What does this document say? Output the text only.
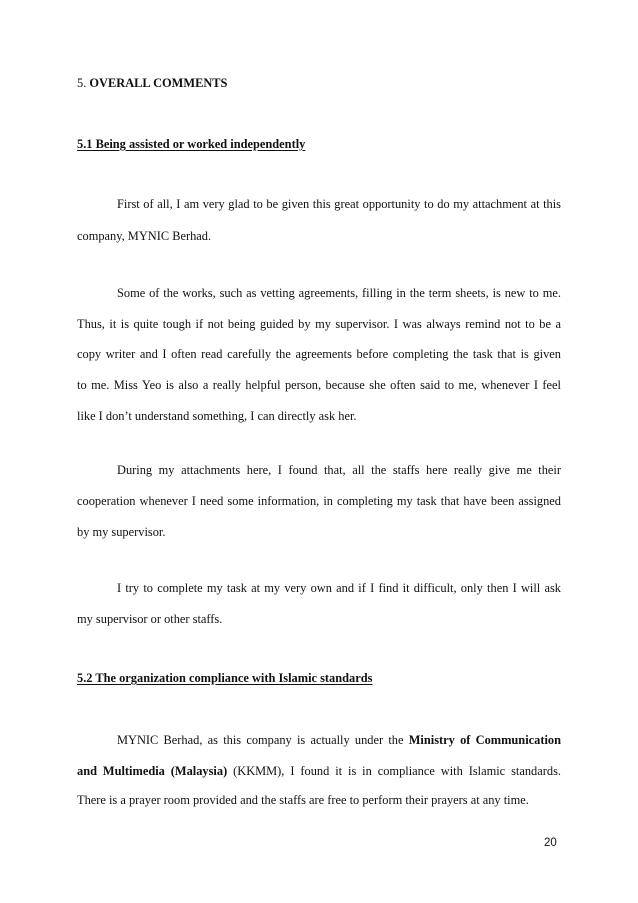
5. OVERALL COMMENTS
5.1 Being assisted or worked independently
First of all, I am very glad to be given this great opportunity to do my attachment at this
company, MYNIC Berhad.
Some of the works, such as vetting agreements, filling in the term sheets, is new to me.
Thus, it is quite tough if not being guided by my supervisor. I was always remind not to be a
copy writer and I often read carefully the agreements before completing the task that is given
to me. Miss Yeo is also a really helpful person, because she often said to me, whenever I feel
like I don’t understand something, I can directly ask her.
During my attachments here, I found that, all the staffs here really give me their
cooperation whenever I need some information, in completing my task that have been assigned
by my supervisor.
I try to complete my task at my very own and if I find it difficult, only then I will ask
my supervisor or other staffs.
5.2 The organization compliance with Islamic standards
MYNIC Berhad, as this company is actually under the Ministry of Communication
and Multimedia (Malaysia) (KKMM), I found it is in compliance with Islamic standards.
There is a prayer room provided and the staffs are free to perform their prayers at any time.
20
